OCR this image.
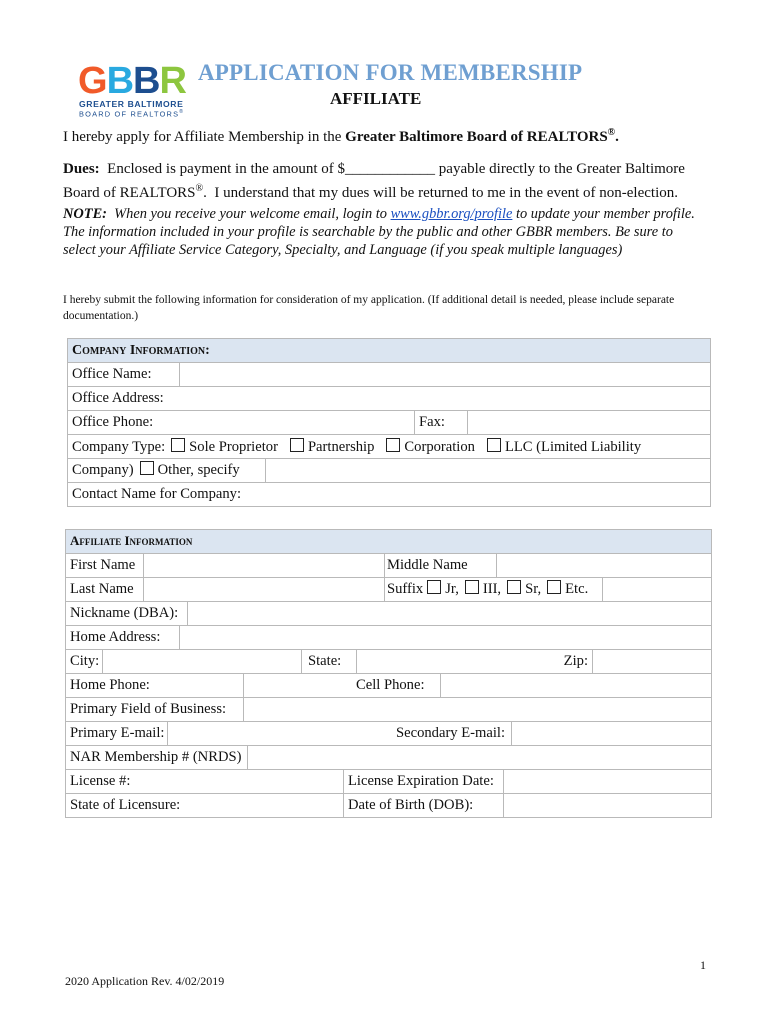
GBBR
GREATER BALTIMORE
BOARD OF REALTORS®
APPLICATION FOR MEMBERSHIP
AFFILIATE
I hereby apply for Affiliate Membership in the Greater Baltimore Board of REALTORS®.
Dues:  Enclosed is payment in the amount of $____________ payable directly to the Greater Baltimore
Board of REALTORS®.  I understand that my dues will be returned to me in the event of non-election.
NOTE:  When you receive your welcome email, login to www.gbbr.org/profile to update your member profile. The information included in your profile is searchable by the public and other GBBR members. Be sure to select your Affiliate Service Category, Specialty, and Language (if you speak multiple languages)
I hereby submit the following information for consideration of my application. (If additional detail is needed, please include separate documentation.)
Company Information:			
Office Name:			
Office Address:			
Office Phone:		Fax:	
Company Type: Sole Proprietor Partnership Corporation LLC (Limited Liability			

Company) Other, specify			

Contact Name for Company:			
Affiliate Information

First Name	Middle Name

Last Name	Suffix Jr, III, Sr, Etc.

Nickname (DBA):

Home Address:

City:	State:	Zip:

Home Phone:	Cell Phone:

Primary Field of Business:

Primary E-mail:	Secondary E-mail:

NAR Membership # (NRDS)

License #:	License Expiration Date:

State of Licensure:	Date of Birth (DOB):
1
2020 Application Rev. 4/02/2019
